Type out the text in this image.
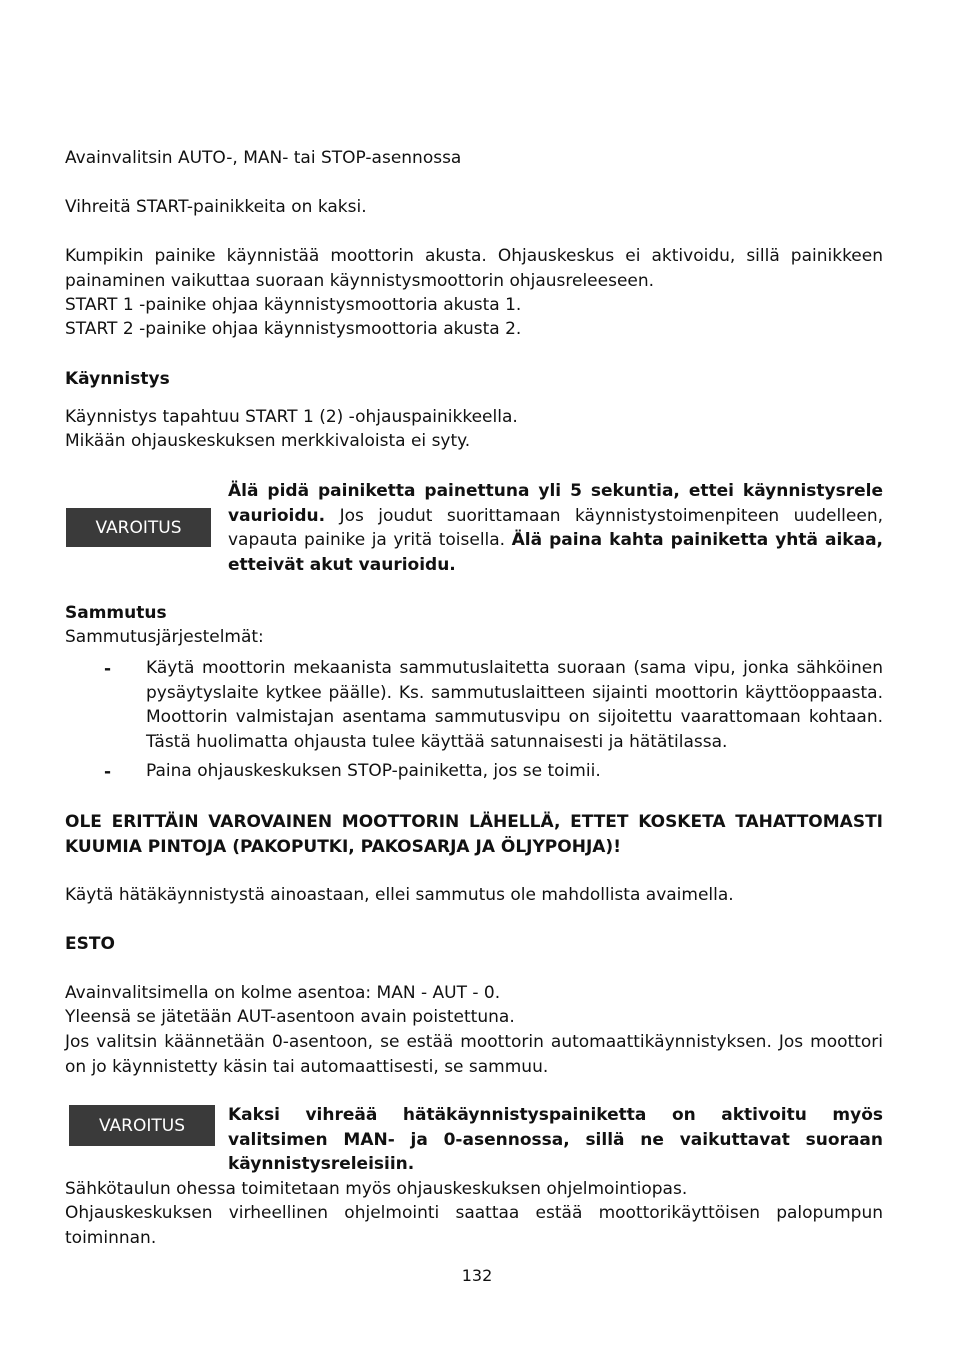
Avainvalitsin AUTO-, MAN- tai STOP-asennossa

Vihreitä START-painikkeita on kaksi.

Kumpikin painike käynnistää moottorin akusta. Ohjauskeskus ei aktivoidu, sillä painikkeen painaminen vaikuttaa suoraan käynnistysmoottorin ohjausreleeseen.

START 1 -painike ohjaa käynnistysmoottoria akusta 1.

START 2 -painike ohjaa käynnistysmoottoria akusta 2.

Käynnistys

Käynnistys tapahtuu START 1 (2) -ohjauspainikkeella.

Mikään ohjauskeskuksen merkkivaloista ei syty.

VAROITUS

Älä pidä painiketta painettuna yli 5 sekuntia, ettei käynnistysrele vaurioidu. Jos joudut suorittamaan käynnistystoimenpiteen uudelleen, vapauta painike ja yritä toisella. Älä paina kahta painiketta yhtä aikaa, etteivät akut vaurioidu.

Sammutus

Sammutusjärjestelmät:

- Käytä moottorin mekaanista sammutuslaitetta suoraan (sama vipu, jonka sähköinen pysäytyslaite kytkee päälle). Ks. sammutuslaitteen sijainti moottorin käyttöoppaasta. Moottorin valmistajan asentama sammutusvipu on sijoitettu vaarattomaan kohtaan. Tästä huolimatta ohjausta tulee käyttää satunnaisesti ja hätätilassa.

- Paina ohjauskeskuksen STOP-painiketta, jos se toimii.

OLE ERITTÄIN VAROVAINEN MOOTTORIN LÄHELLÄ, ETTET KOSKETA TAHATTOMASTI KUUMIA PINTOJA (PAKOPUTKI, PAKOSARJA JA ÖLJYPOHJA)!

Käytä hätäkäynnistystä ainoastaan, ellei sammutus ole mahdollista avaimella.

ESTO

Avainvalitsimella on kolme asentoa: MAN - AUT - 0.

Yleensä se jätetään AUT-asentoon avain poistettuna.

Jos valitsin käännetään 0-asentoon, se estää moottorin automaattikäynnistyksen. Jos moottori on jo käynnistetty käsin tai automaattisesti, se sammuu.

VAROITUS

Kaksi vihreää hätäkäynnistyspainiketta on aktivoitu myös valitsimen MAN- ja 0-asennossa, sillä ne vaikuttavat suoraan käynnistysreleisiin.

Sähkötaulun ohessa toimitetaan myös ohjauskeskuksen ohjelmointiopas.

Ohjauskeskuksen virheellinen ohjelmointi saattaa estää moottorikäyttöisen palopumpun toiminnan.

132
